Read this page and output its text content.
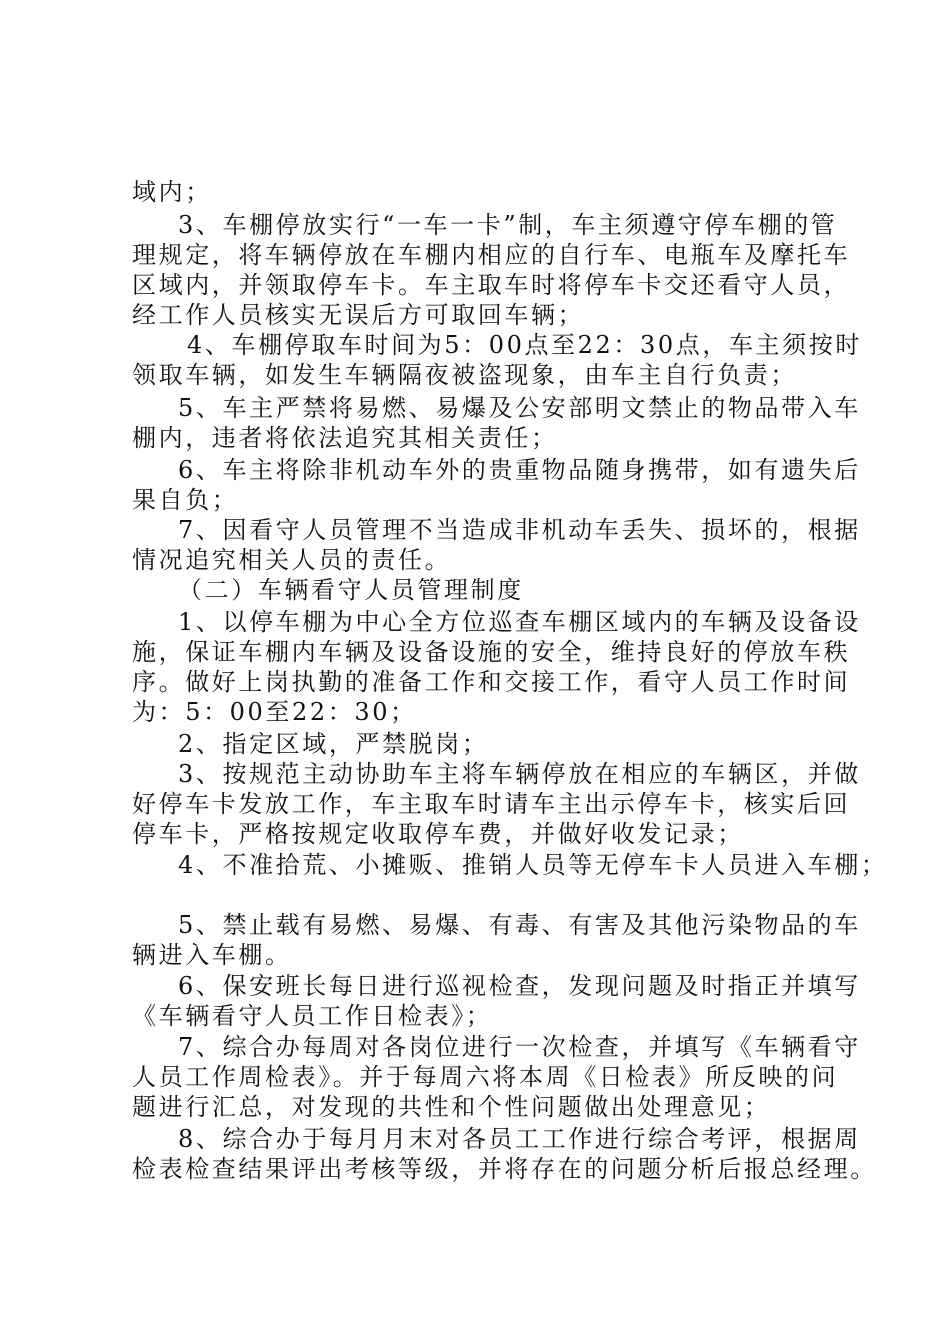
域内；
3、车棚停放实行“一车一卡”制，车主须遵守停车棚的管
理规定，将车辆停放在车棚内相应的自行车、电瓶车及摩托车
区域内，并领取停车卡。车主取车时将停车卡交还看守人员，
经工作人员核实无误后方可取回车辆；
4、车棚停取车时间为5：00点至22：30点，车主须按时
领取车辆，如发生车辆隔夜被盗现象，由车主自行负责；
5、车主严禁将易燃、易爆及公安部明文禁止的物品带入车
棚内，违者将依法追究其相关责任；
6、车主将除非机动车外的贵重物品随身携带，如有遗失后
果自负；
7、因看守人员管理不当造成非机动车丢失、损坏的，根据
情况追究相关人员的责任。
（二）车辆看守人员管理制度
1、以停车棚为中心全方位巡查车棚区域内的车辆及设备设
施，保证车棚内车辆及设备设施的安全，维持良好的停放车秩
序。做好上岗执勤的准备工作和交接工作，看守人员工作时间
为：5：00至22：30；
2、指定区域，严禁脱岗；
3、按规范主动协助车主将车辆停放在相应的车辆区，并做
好停车卡发放工作，车主取车时请车主出示停车卡，核实后回
停车卡，严格按规定收取停车费，并做好收发记录；
4、不准拾荒、小摊贩、推销人员等无停车卡人员进入车棚；
5、禁止载有易燃、易爆、有毒、有害及其他污染物品的车
辆进入车棚。
6、保安班长每日进行巡视检查，发现问题及时指正并填写
《车辆看守人员工作日检表》；
7、综合办每周对各岗位进行一次检查，并填写《车辆看守
人员工作周检表》。并于每周六将本周《日检表》所反映的问
题进行汇总，对发现的共性和个性问题做出处理意见；
8、综合办于每月月末对各员工工作进行综合考评，根据周
检表检查结果评出考核等级，并将存在的问题分析后报总经理。
